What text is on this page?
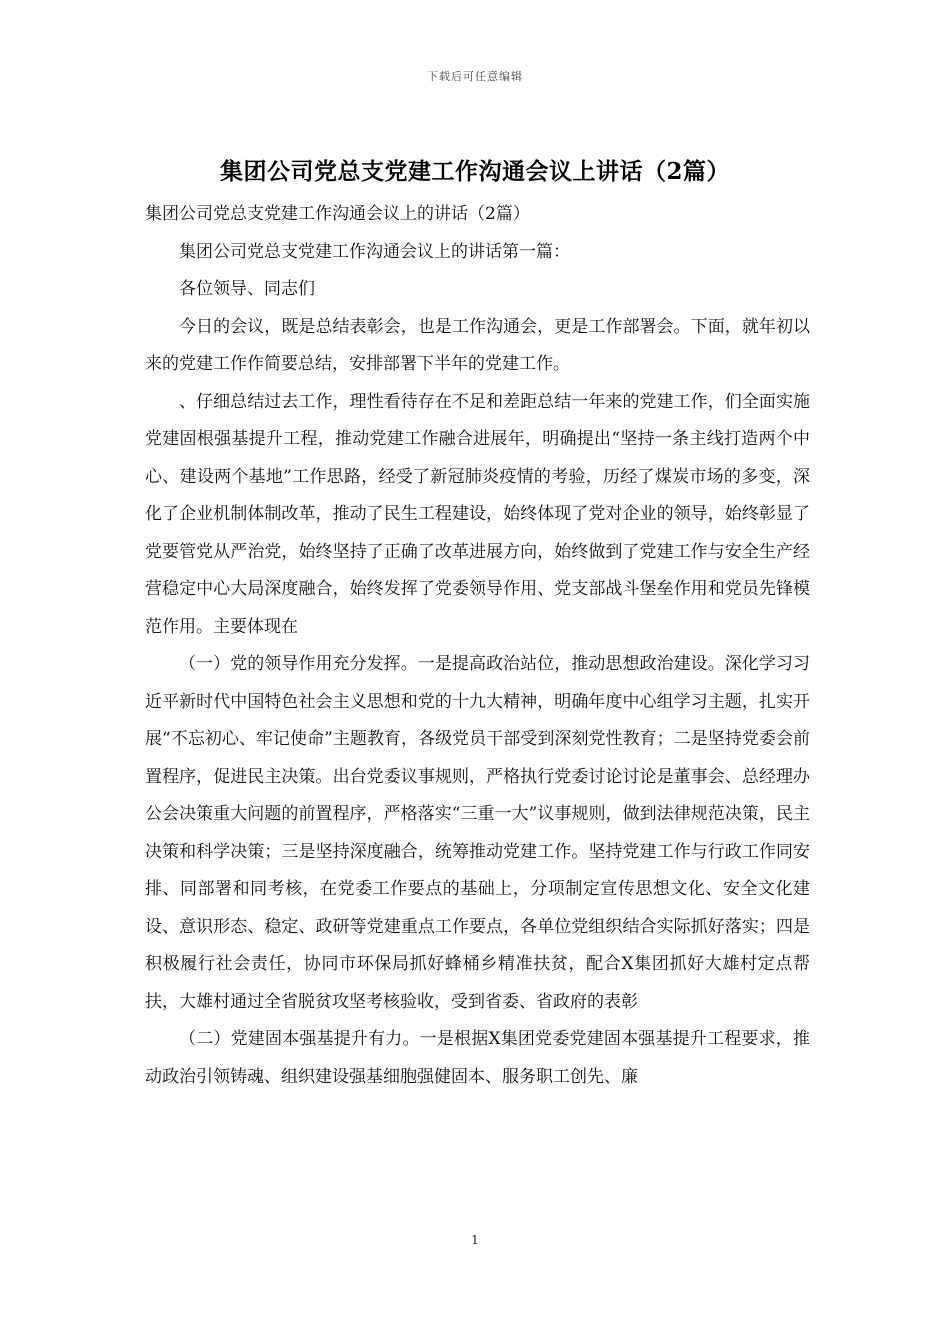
下载后可任意编辑
集团公司党总支党建工作沟通会议上讲话（2篇）

集团公司党总支党建工作沟通会议上的讲话（2篇）

集团公司党总支党建工作沟通会议上的讲话第一篇：

各位领导、同志们

今日的会议，既是总结表彰会，也是工作沟通会，更是工作部署会。下面，就年初以来的党建工作作简要总结，安排部署下半年的党建工作。

、仔细总结过去工作，理性看待存在不足和差距总结一年来的党建工作，们全面实施党建固根强基提升工程，推动党建工作融合进展年，明确提出“坚持一条主线打造两个中心、建设两个基地”工作思路，经受了新冠肺炎疫情的考验，历经了煤炭市场的多变，深化了企业机制体制改革，推动了民生工程建设，始终体现了党对企业的领导，始终彰显了党要管党从严治党，始终坚持了正确了改革进展方向，始终做到了党建工作与安全生产经营稳定中心大局深度融合，始终发挥了党委领导作用、党支部战斗堡垒作用和党员先锋模范作用。主要体现在

（一）党的领导作用充分发挥。一是提高政治站位，推动思想政治建设。深化学习习近平新时代中国特色社会主义思想和党的十九大精神，明确年度中心组学习主题，扎实开展“不忘初心、牢记使命”主题教育，各级党员干部受到深刻党性教育；二是坚持党委会前置程序，促进民主决策。出台党委议事规则，严格执行党委讨论讨论是董事会、总经理办公会决策重大问题的前置程序，严格落实“三重一大”议事规则，做到法律规范决策，民主决策和科学决策；三是坚持深度融合，统筹推动党建工作。坚持党建工作与行政工作同安排、同部署和同考核，在党委工作要点的基础上，分项制定宣传思想文化、安全文化建设、意识形态、稳定、政研等党建重点工作要点，各单位党组织结合实际抓好落实；四是积极履行社会责任，协同市环保局抓好蜂桶乡精准扶贫，配合X集团抓好大雄村定点帮扶，大雄村通过全省脱贫攻坚考核验收，受到省委、省政府的表彰

（二）党建固本强基提升有力。一是根据X集团党委党建固本强基提升工程要求，推动政治引领铸魂、组织建设强基细胞强健固本、服务职工创先、廉

1
